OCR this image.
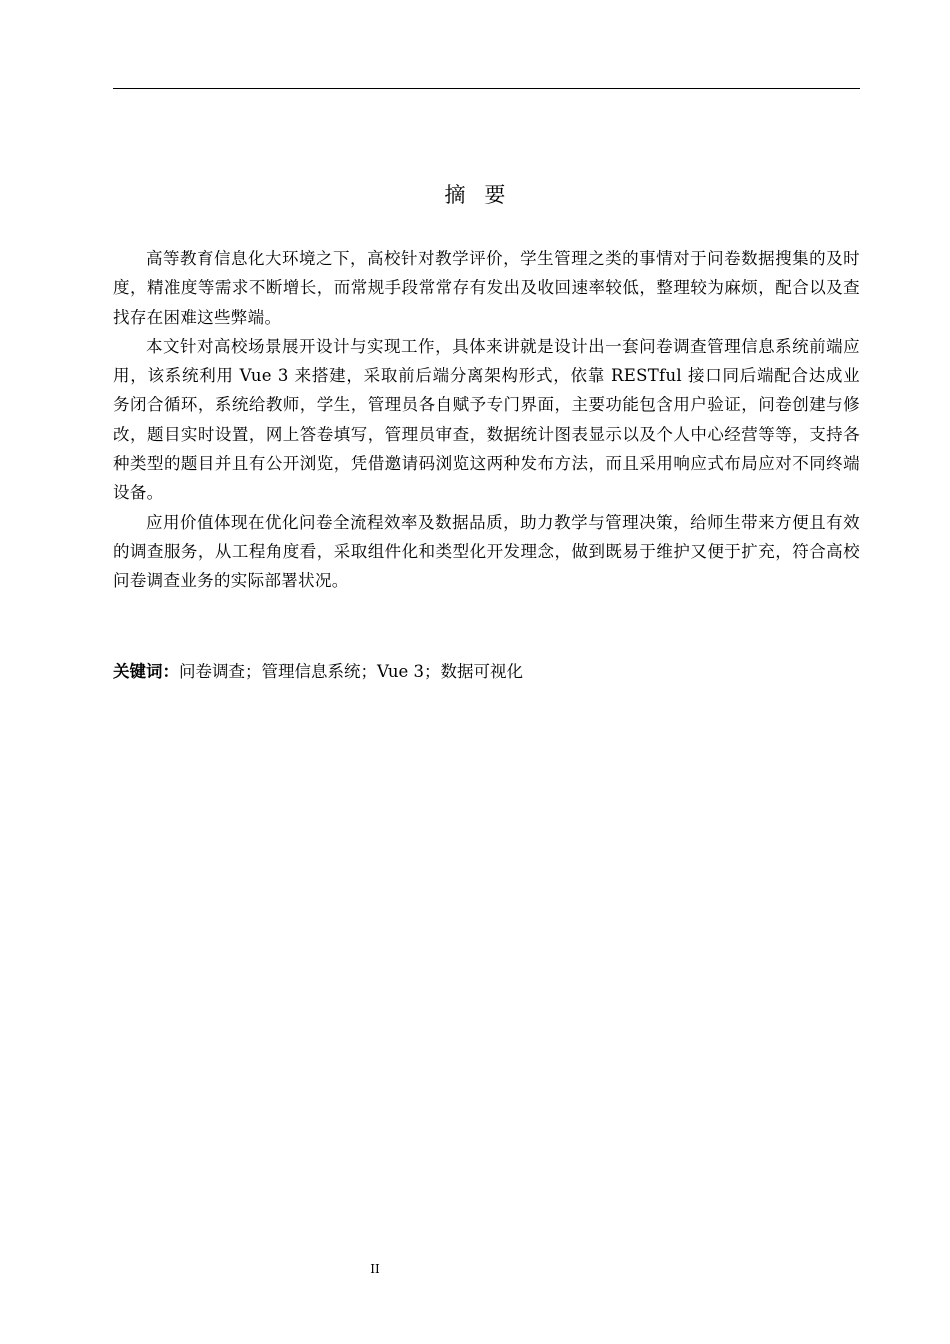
摘要

高等教育信息化大环境之下，高校针对教学评价，学生管理之类的事情对于问卷数据搜集的及时度，精准度等需求不断增长，而常规手段常常存有发出及收回速率较低，整理较为麻烦，配合以及查找存在困难这些弊端。

本文针对高校场景展开设计与实现工作，具体来讲就是设计出一套问卷调查管理信息系统前端应用，该系统利用 Vue 3 来搭建，采取前后端分离架构形式，依靠 RESTful 接口同后端配合达成业务闭合循环，系统给教师，学生，管理员各自赋予专门界面，主要功能包含用户验证，问卷创建与修改，题目实时设置，网上答卷填写，管理员审查，数据统计图表显示以及个人中心经营等等，支持各种类型的题目并且有公开浏览，凭借邀请码浏览这两种发布方法，而且采用响应式布局应对不同终端设备。

应用价值体现在优化问卷全流程效率及数据品质，助力教学与管理决策，给师生带来方便且有效的调查服务，从工程角度看，采取组件化和类型化开发理念，做到既易于维护又便于扩充，符合高校问卷调查业务的实际部署状况。

关键词：问卷调查；管理信息系统；Vue 3；数据可视化
II
